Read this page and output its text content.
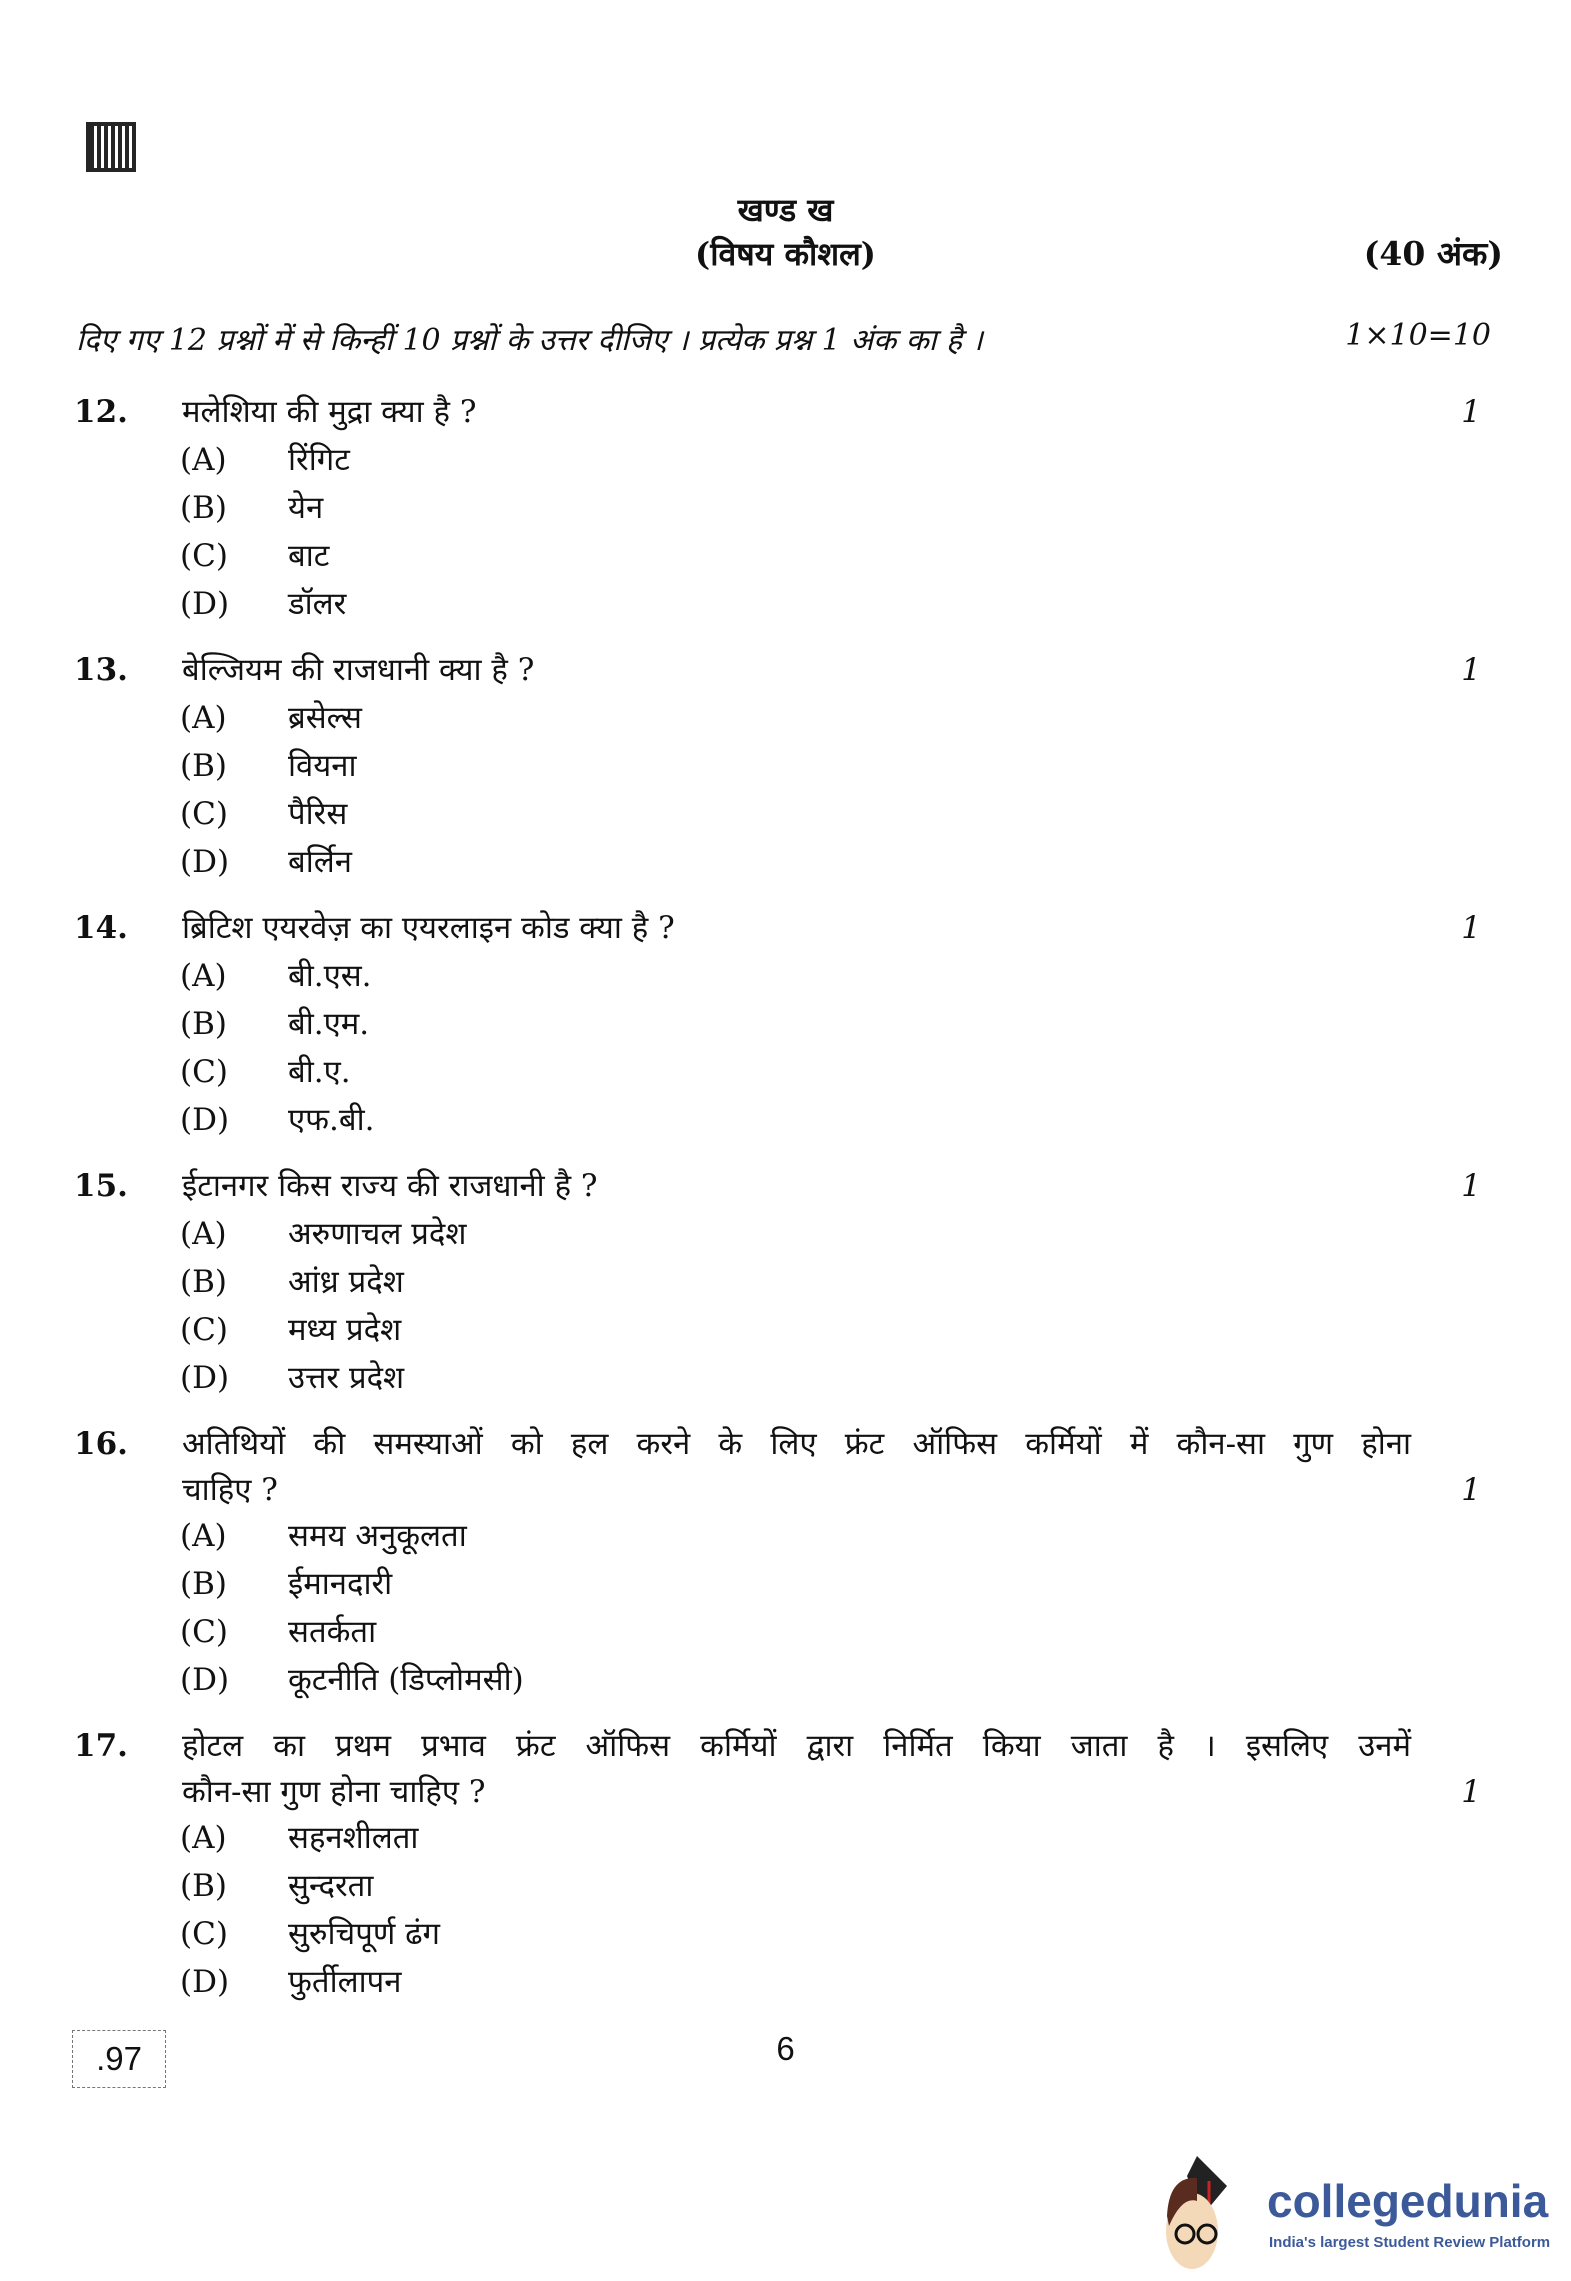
खण्ड ख
(विषय कौशल)	(40 अंक)
दिए गए 12 प्रश्नों में से किन्हीं 10 प्रश्नों के उत्तर दीजिए । प्रत्येक प्रश्न 1 अंक का है ।	1×10=10
12. मलेशिया की मुद्रा क्या है ?	1
(A) रिंगिट
(B) येन
(C) बाट
(D) डॉलर
13. बेल्जियम की राजधानी क्या है ?	1
(A) ब्रसेल्स
(B) वियना
(C) पैरिस
(D) बर्लिन
14. ब्रिटिश एयरवेज़ का एयरलाइन कोड क्या है ?	1
(A) बी.एस.
(B) बी.एम.
(C) बी.ए.
(D) एफ.बी.
15. ईटानगर किस राज्य की राजधानी है ?	1
(A) अरुणाचल प्रदेश
(B) आंध्र प्रदेश
(C) मध्य प्रदेश
(D) उत्तर प्रदेश
16. अतिथियों की समस्याओं को हल करने के लिए फ्रंट ऑफिस कर्मियों में कौन-सा गुण होना
चाहिए ?	1
(A) समय अनुकूलता
(B) ईमानदारी
(C) सतर्कता
(D) कूटनीति (डिप्लोमसी)
17. होटल का प्रथम प्रभाव फ्रंट ऑफिस कर्मियों द्वारा निर्मित किया जाता है । इसलिए उनमें
कौन-सा गुण होना चाहिए ?	1
(A) सहनशीलता
(B) सुन्दरता
(C) सुरुचिपूर्ण ढंग
(D) फुर्तीलापन
.97	6
collegedunia
India's largest Student Review Platform
